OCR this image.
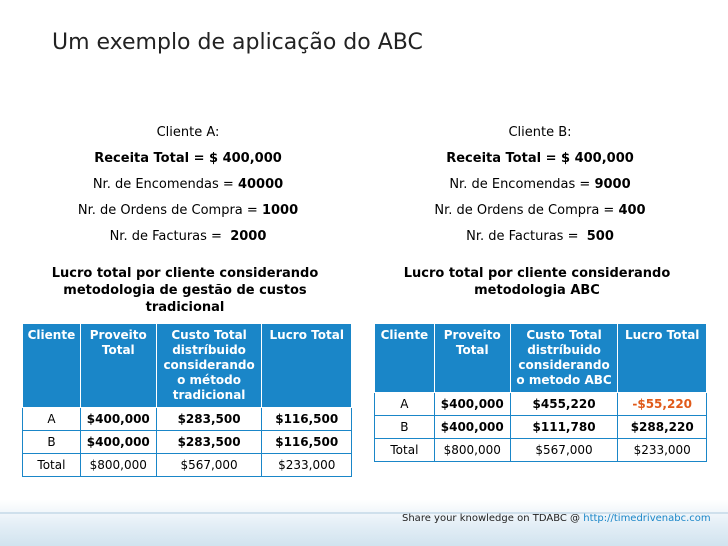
Um exemplo de aplicação do ABC
Cliente A:
Receita Total = $ 400,000
Nr. de Encomendas = 40000
Nr. de Ordens de Compra = 1000
Nr. de Facturas = 2000
Cliente B:
Receita Total = $ 400,000
Nr. de Encomendas = 9000
Nr. de Ordens de Compra = 400
Nr. de Facturas = 500
Lucro total por cliente considerando metodologia de gestão de custos tradicional
Lucro total por cliente considerando metodologia ABC
Cliente	Proveito Total	Custo Total distríbuido considerando o método tradicional	Lucro Total
A	$400,000	$283,500	$116,500
B	$400,000	$283,500	$116,500
Total	$800,000	$567,000	$233,000
Cliente	Proveito Total	Custo Total distríbuido considerando o metodo ABC	Lucro Total
A	$400,000	$455,220	-$55,220
B	$400,000	$111,780	$288,220
Total	$800,000	$567,000	$233,000
Share your knowledge on TDABC @ http://timedrivenabc.com
